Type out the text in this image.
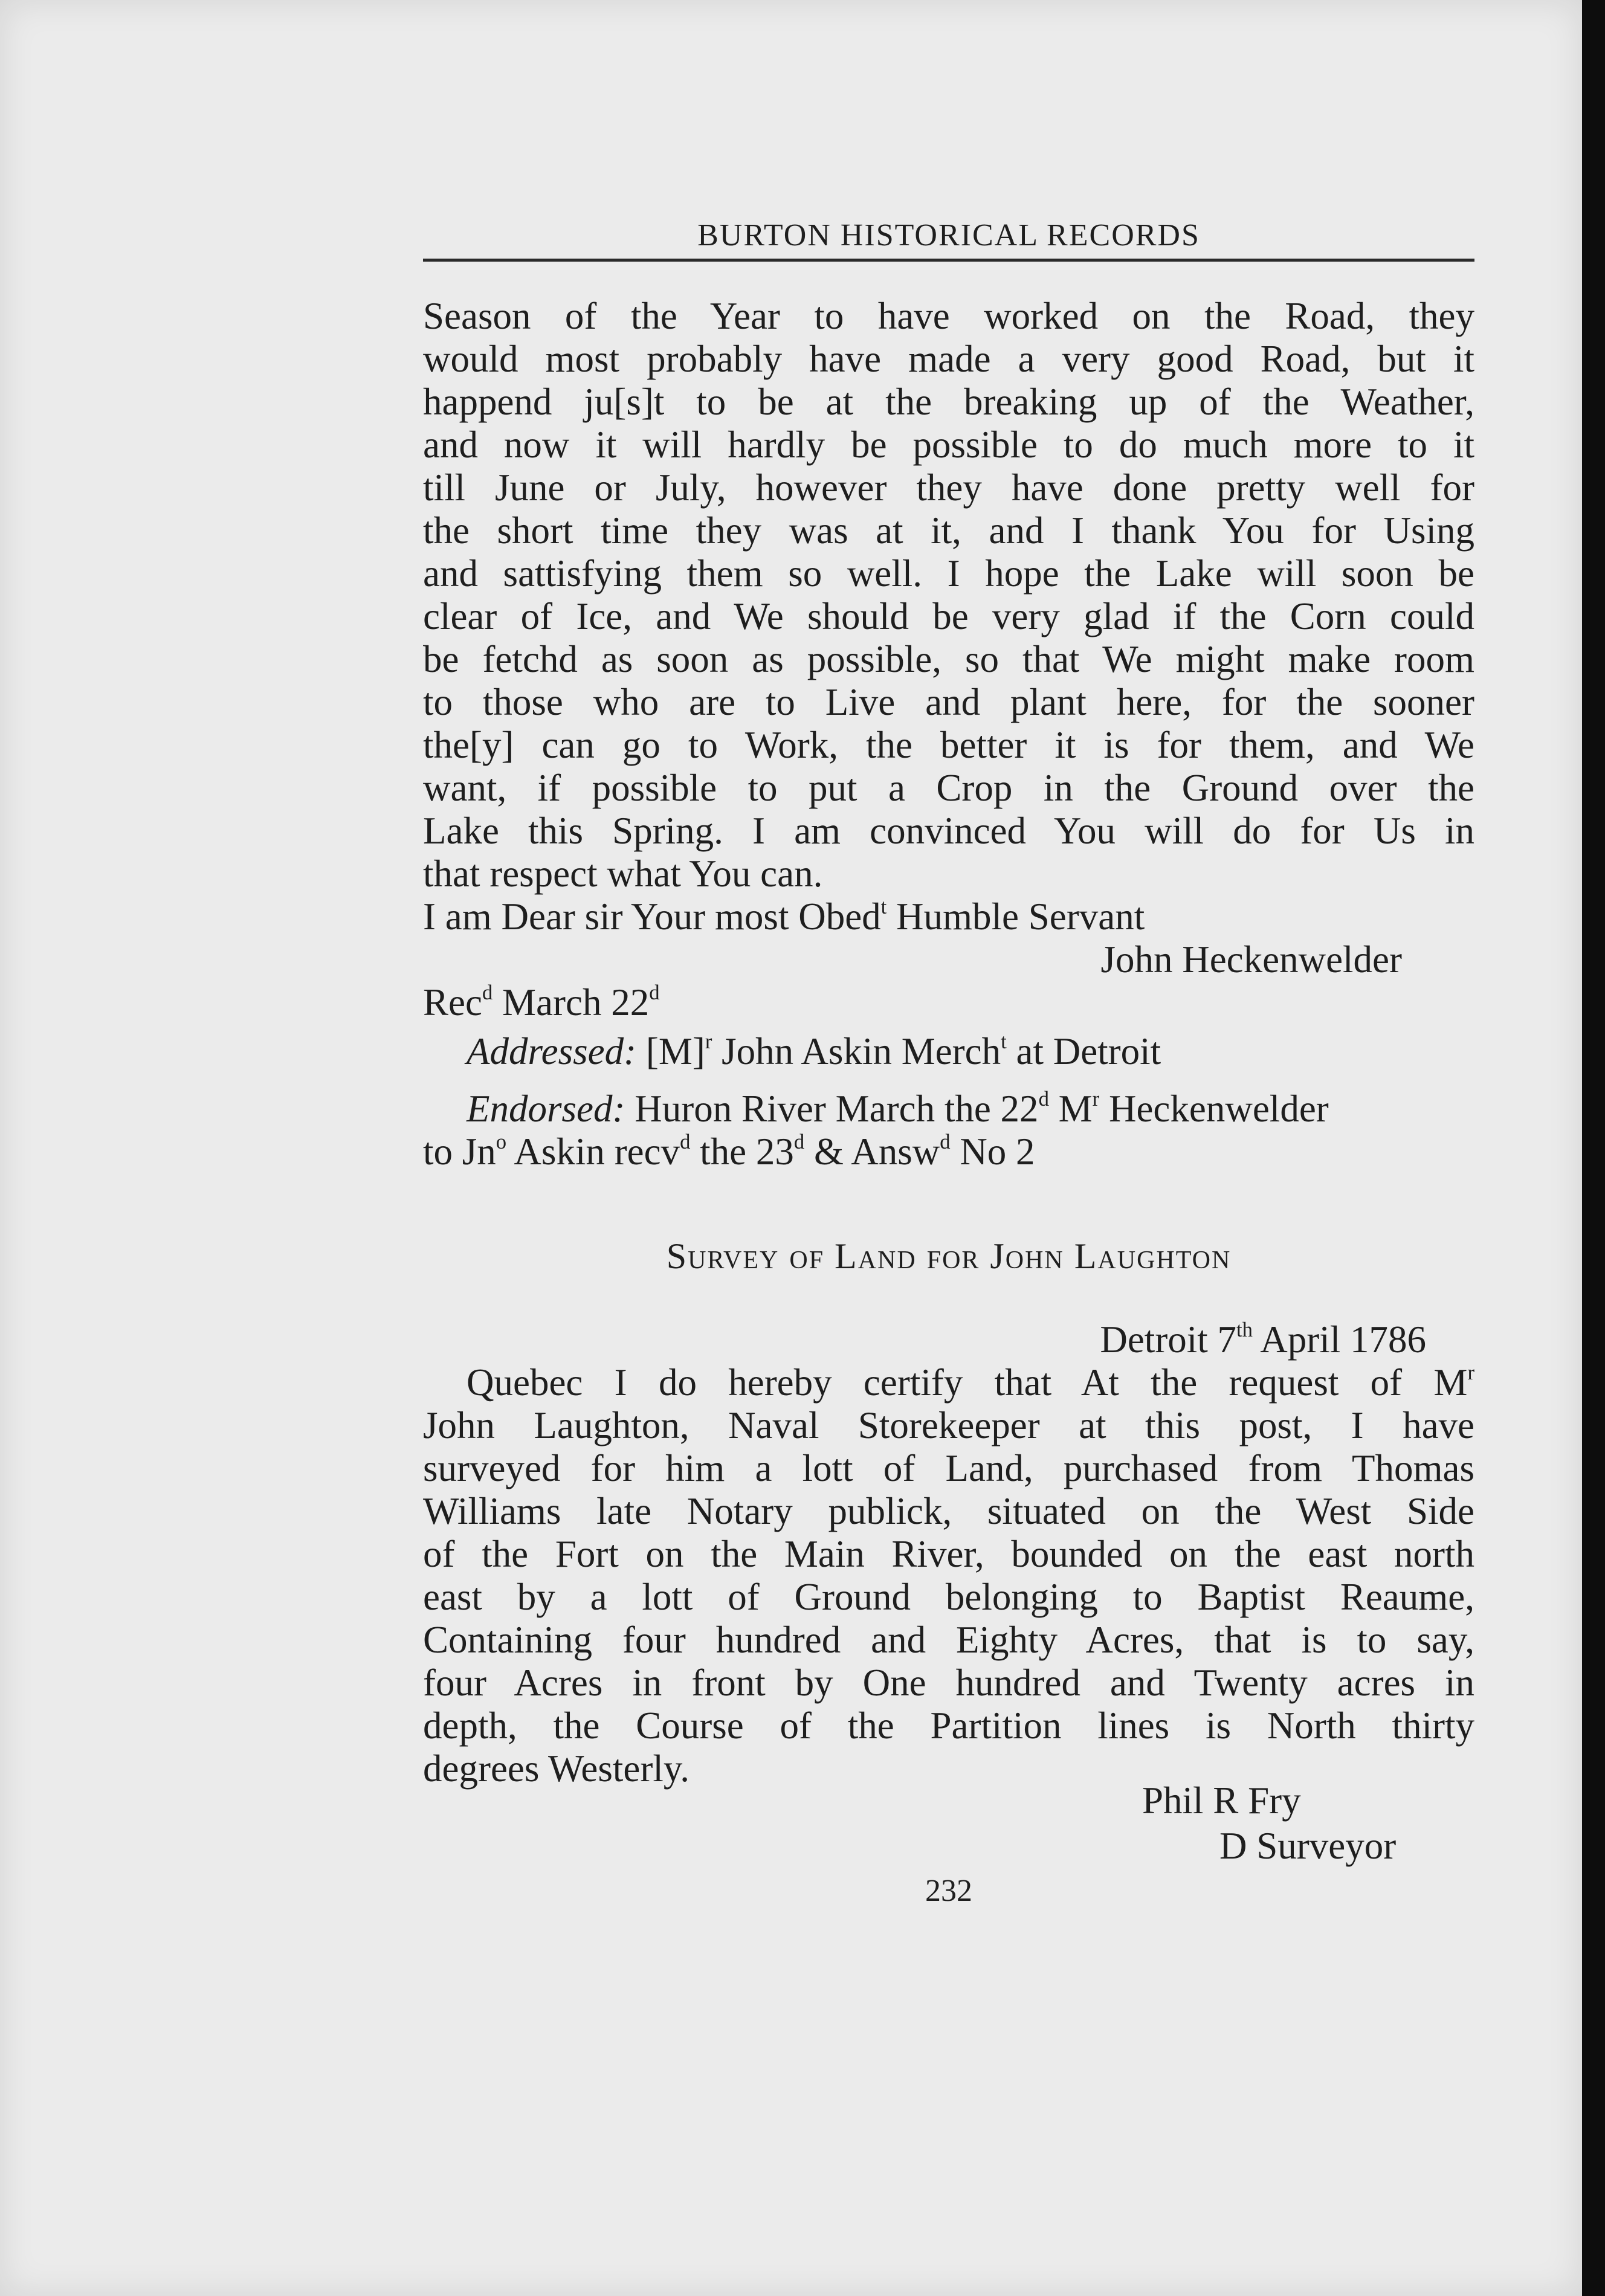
BURTON HISTORICAL RECORDS
Season of the Year to have worked on the Road, they
would most probably have made a very good Road, but it
happend ju[s]t to be at the breaking up of the Weather,
and now it will hardly be possible to do much more to it
till June or July, however they have done pretty well for
the short time they was at it, and I thank You for Using
and sattisfying them so well. I hope the Lake will soon be
clear of Ice, and We should be very glad if the Corn could
be fetchd as soon as possible, so that We might make room
to those who are to Live and plant here, for the sooner
the[y] can go to Work, the better it is for them, and We
want, if possible to put a Crop in the Ground over the
Lake this Spring. I am convinced You will do for Us in
that respect what You can.
I am Dear sir Your most Obed$^t$ Humble Servant
John Heckenwelder
Rec$^d$ March 22$^d$
Addressed: $[M]^r$ John Askin Merch$^t$ at Detroit
Endorsed: Huron River March the 22$^d$ $M^r$ Heckenwelder
to Jn$^o$ Askin recv$^d$ the 23$^d$ & Answ$^d$ No 2
Survey of Land for John Laughton
Detroit 7th April 1786
Quebec I do hereby certify that At the request of $M^r$
John Laughton, Naval Storekeeper at this post, I have
surveyed for him a lott of Land, purchased from Thomas
Williams late Notary publick, situated on the West Side
of the Fort on the Main River, bounded on the east north
east by a lott of Ground belonging to Baptist Reaume,
Containing four hundred and Eighty Acres, that is to say,
four Acres in front by One hundred and Twenty acres in
depth, the Course of the Partition lines is North thirty
degrees Westerly.
Phil R Fry
D Surveyor
232
